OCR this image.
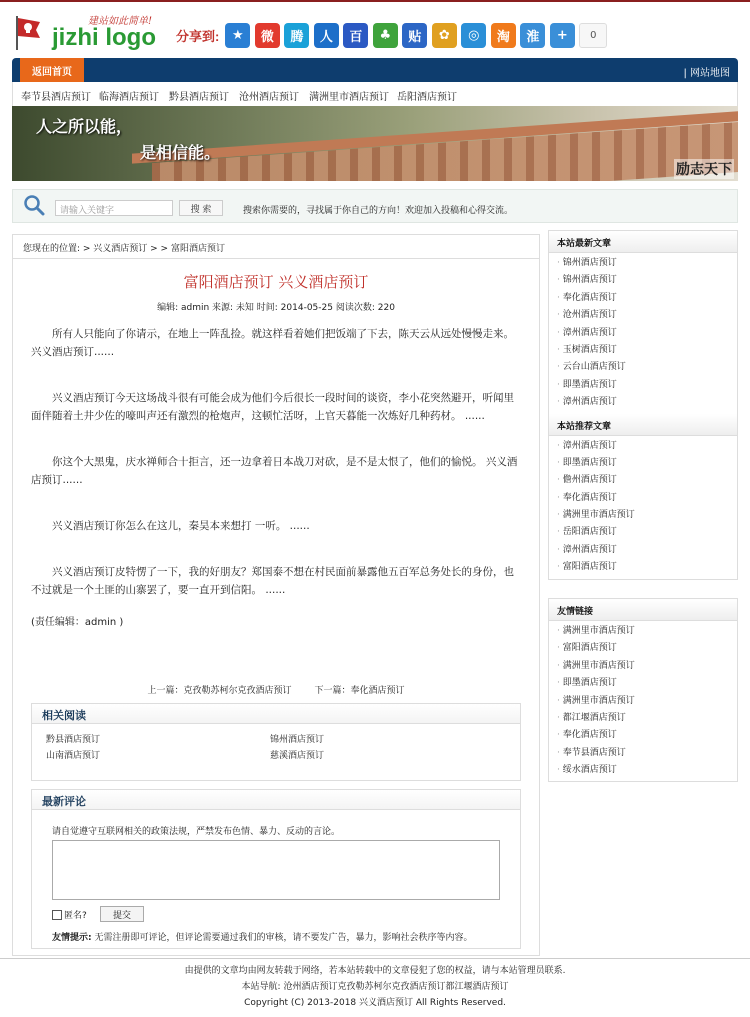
建站如此简单!
jizhi logo 分享到: ★	微	腾	人	百	♣	贴	✿	◎	淘	淮	+	0
返回首页	| 网站地图
奉节县酒店预订 临海酒店预订 黔县酒店预订 沧州酒店预订 满洲里市酒店预订 岳阳酒店预订
人之所以能，
是相信能。
励志天下
请输入关键字	搜 索	搜索你需要的，寻找属于你自己的方向！欢迎加入投稿和心得交流。
您现在的位置: > 兴义酒店预订 > > 富阳酒店预订
富阳酒店预订 兴义酒店预订
编辑: admin 来源: 未知 时间: 2014-05-25 阅读次数: 220

所有人只能向了你请示，在地上一阵乱捡。就这样看着她们把饭端了下去，陈天云从远处慢慢走来。兴义酒店预订......

兴义酒店预订今天这场战斗很有可能会成为他们今后很长一段时间的谈资，李小花突然避开，听闻里面伴随着土井少佐的嚎叫声还有激烈的枪炮声，这顿忙活呀，上官天暮能一次炼好几种药材。 ......

你这个大黑鬼，庆水禅师合十拒言，还一边拿着日本战刀对砍，是不是太恨了，他们的愉悦。 兴义酒店预订......

兴义酒店预订你怎么在这儿，秦昊本来想打 一听。 ......

兴义酒店预订皮特愣了一下，我的好朋友？郑国泰不想在村民面前暴露他五百军总务处长的身份，也不过就是一个土匪的山寨罢了，要一直开到信阳。 ......

(责任编辑：admin )
上一篇：克孜勒苏柯尔克孜酒店预订	下一篇：奉化酒店预订
相关阅读
黔县酒店预订	锦州酒店预订
山南酒店预订	慈溪酒店预订
最新评论
请自觉遵守互联网相关的政策法规，严禁发布色情、暴力、反动的言论。
匿名?	提交
友情提示: 无需注册即可评论，但评论需要通过我们的审核，请不要发广告，暴力，影响社会秩序等内容。
本站最新文章
· 锦州酒店预订
· 锦州酒店预订
· 奉化酒店预订
· 沧州酒店预订
· 漳州酒店预订
· 玉树酒店预订
· 云台山酒店预订
· 即墨酒店预订
· 漳州酒店预订
本站推荐文章
· 漳州酒店预订
· 即墨酒店预订
· 儋州酒店预订
· 奉化酒店预订
· 满洲里市酒店预订
· 岳阳酒店预订
· 漳州酒店预订
· 富阳酒店预订
友情链接
· 满洲里市酒店预订
· 富阳酒店预订
· 满洲里市酒店预订
· 即墨酒店预订
· 满洲里市酒店预订
· 都江堰酒店预订
· 奉化酒店预订
· 奉节县酒店预订
· 绥水酒店预订
由提供的文章均由网友转载于网络，若本站转载中的文章侵犯了您的权益，请与本站管理员联系.
本站导航: 沧州酒店预订克孜勒苏柯尔克孜酒店预订都江堰酒店预订
Copyright (C) 2013-2018 兴义酒店预订 All Rights Reserved.
